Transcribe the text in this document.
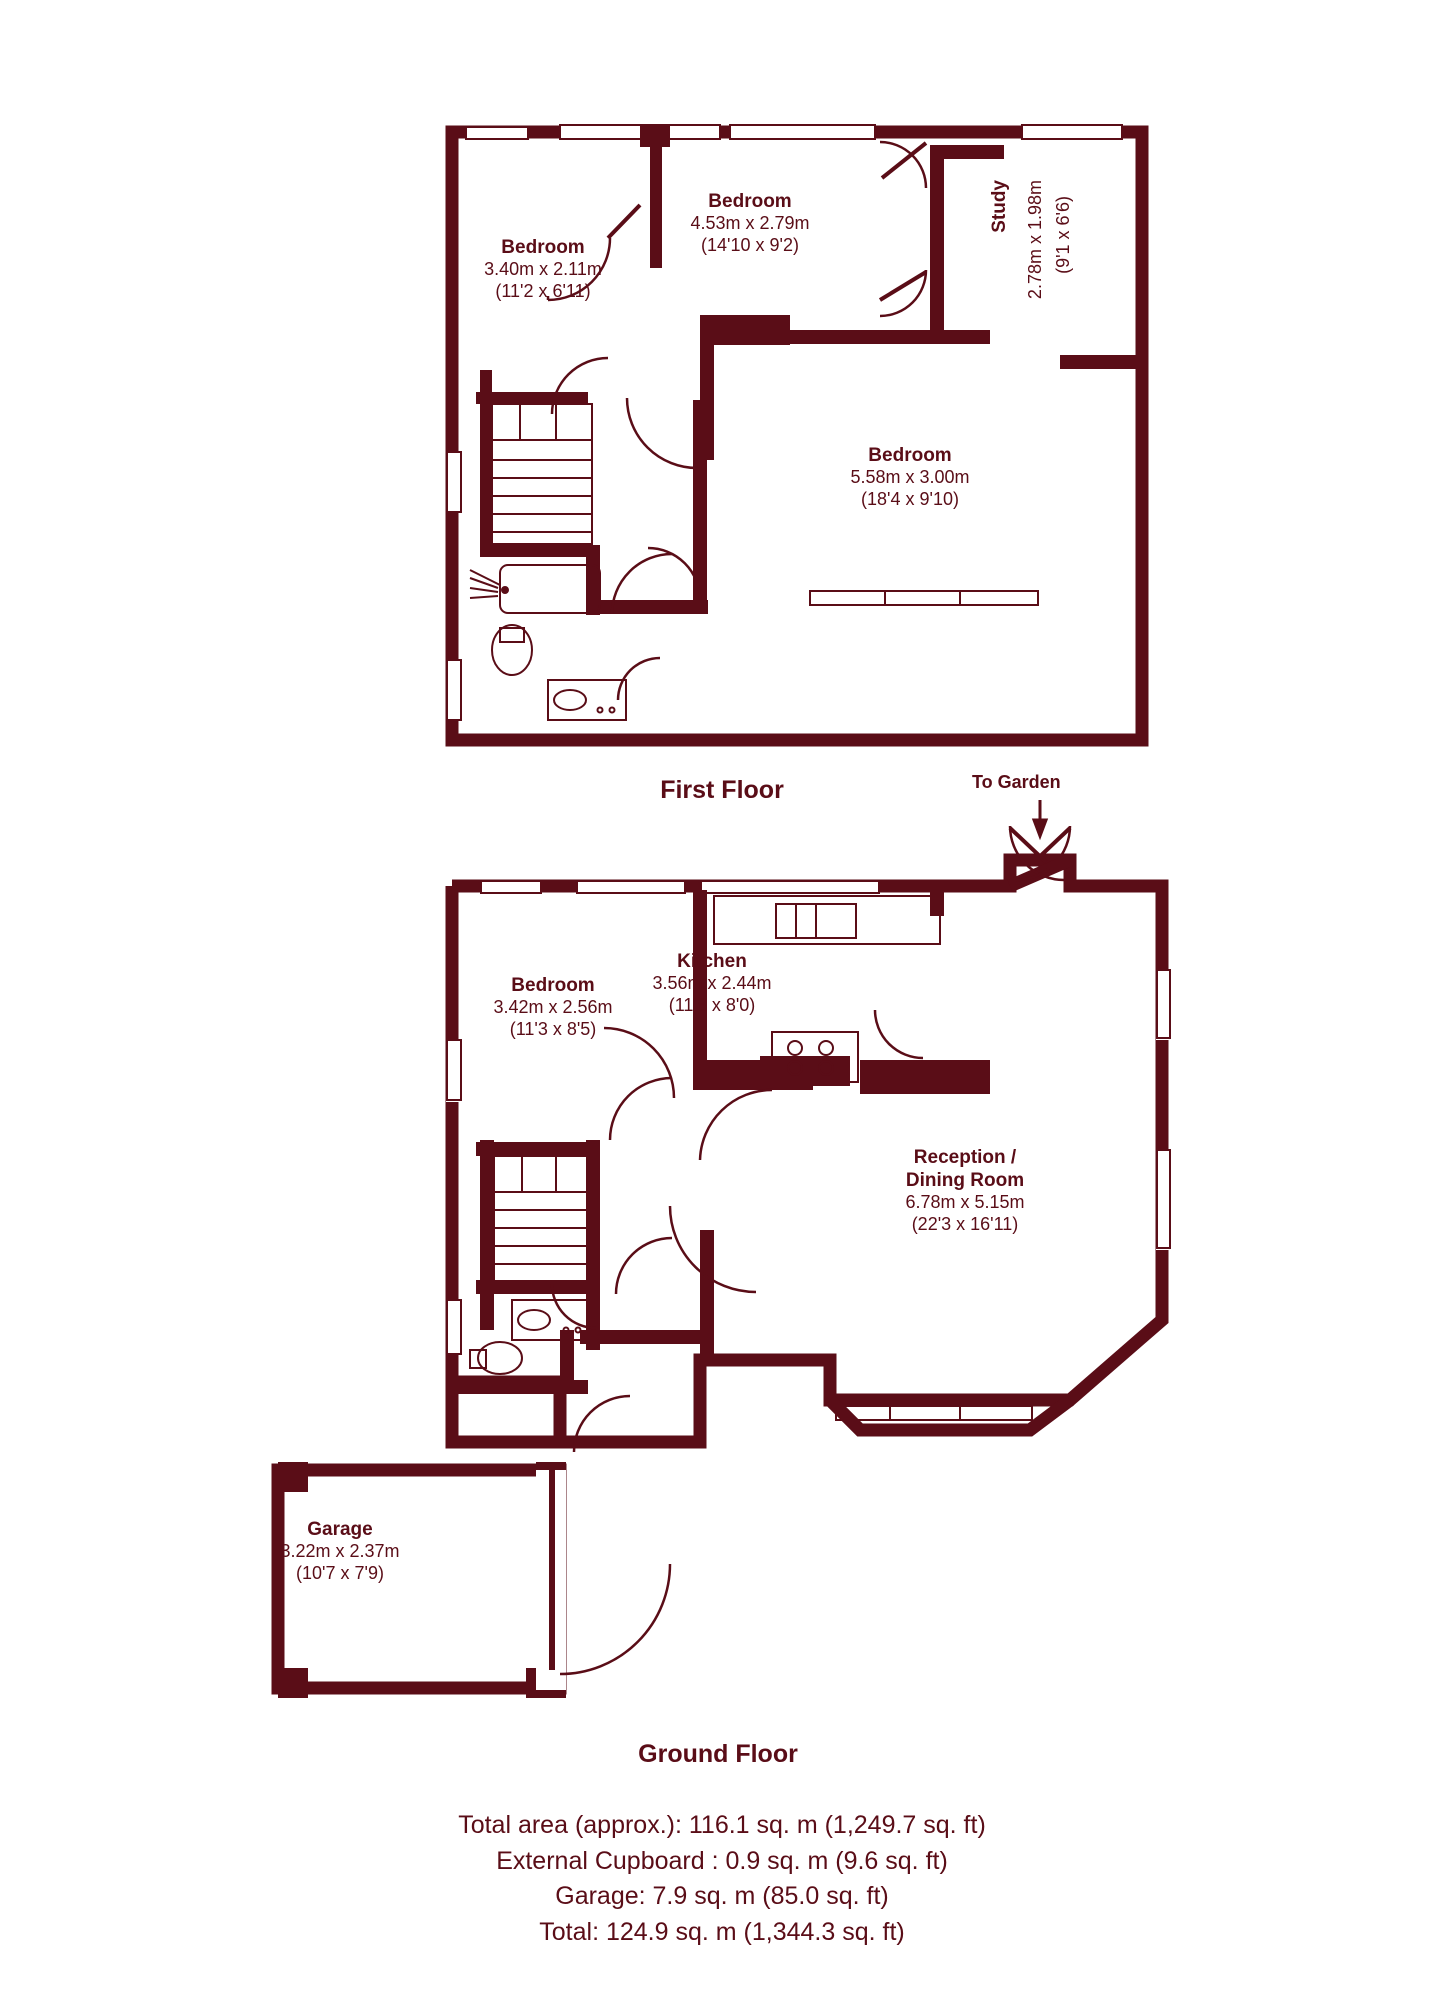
Bedroom
3.40m x 2.11m
(11'2 x 6'11)
Bedroom
4.53m x 2.79m
(14'10 x 9'2)
Study 2.78m x 1.98m (9'1 x 6'6)
Bedroom
5.58m x 3.00m
(18'4 x 9'10)
First Floor	To Garden
Bedroom
3.42m x 2.56m
(11'3 x 8'5)
Kitchen
3.56m x 2.44m
(11'8 x 8'0)
Reception /
Dining Room
6.78m x 5.15m
(22'3 x 16'11)
Garage
3.22m x 2.37m
(10'7 x 7'9)
Ground Floor
Total area (approx.): 116.1 sq. m (1,249.7 sq. ft)
External Cupboard : 0.9 sq. m (9.6 sq. ft)
Garage: 7.9 sq. m (85.0 sq. ft)
Total: 124.9 sq. m (1,344.3 sq. ft)
